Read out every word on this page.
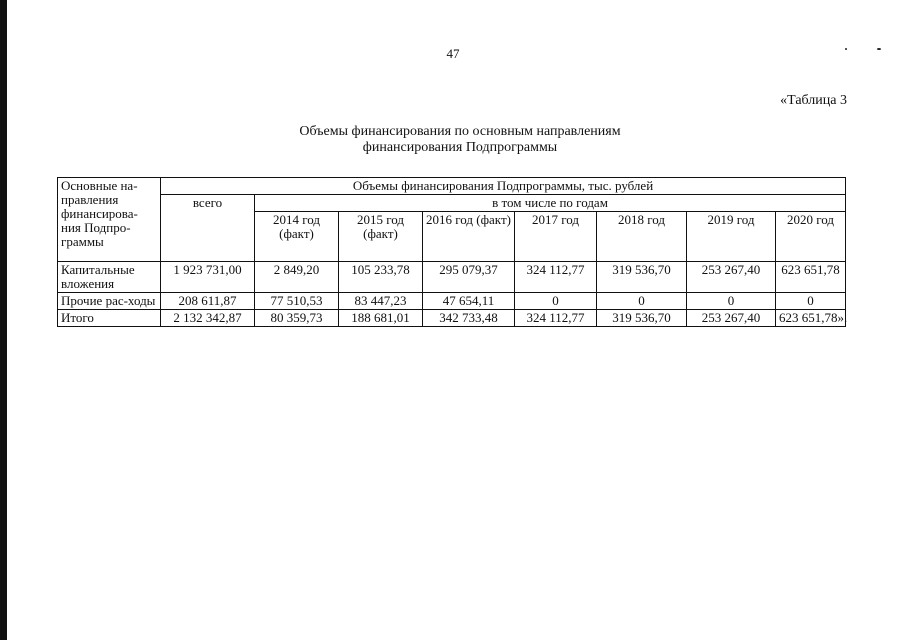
47
«Таблица 3
Объемы финансирования по основным направлениям
финансирования Подпрограммы
Основные на-правления финансирова-ния Подпро-граммы	Объемы финансирования Подпрограммы, тыс. рублей							
	всего	в том числе по годам						
		2014 год (факт)	2015 год (факт)	2016 год (факт)	2017 год	2018 год	2019 год	2020 год
Капитальные вложения	1 923 731,00	2 849,20	105 233,78	295 079,37	324 112,77	319 536,70	253 267,40	623 651,78
Прочие рас-ходы	208 611,87	77 510,53	83 447,23	47 654,11	0	0	0	0
Итого	2 132 342,87	80 359,73	188 681,01	342 733,48	324 112,77	319 536,70	253 267,40	623 651,78».
